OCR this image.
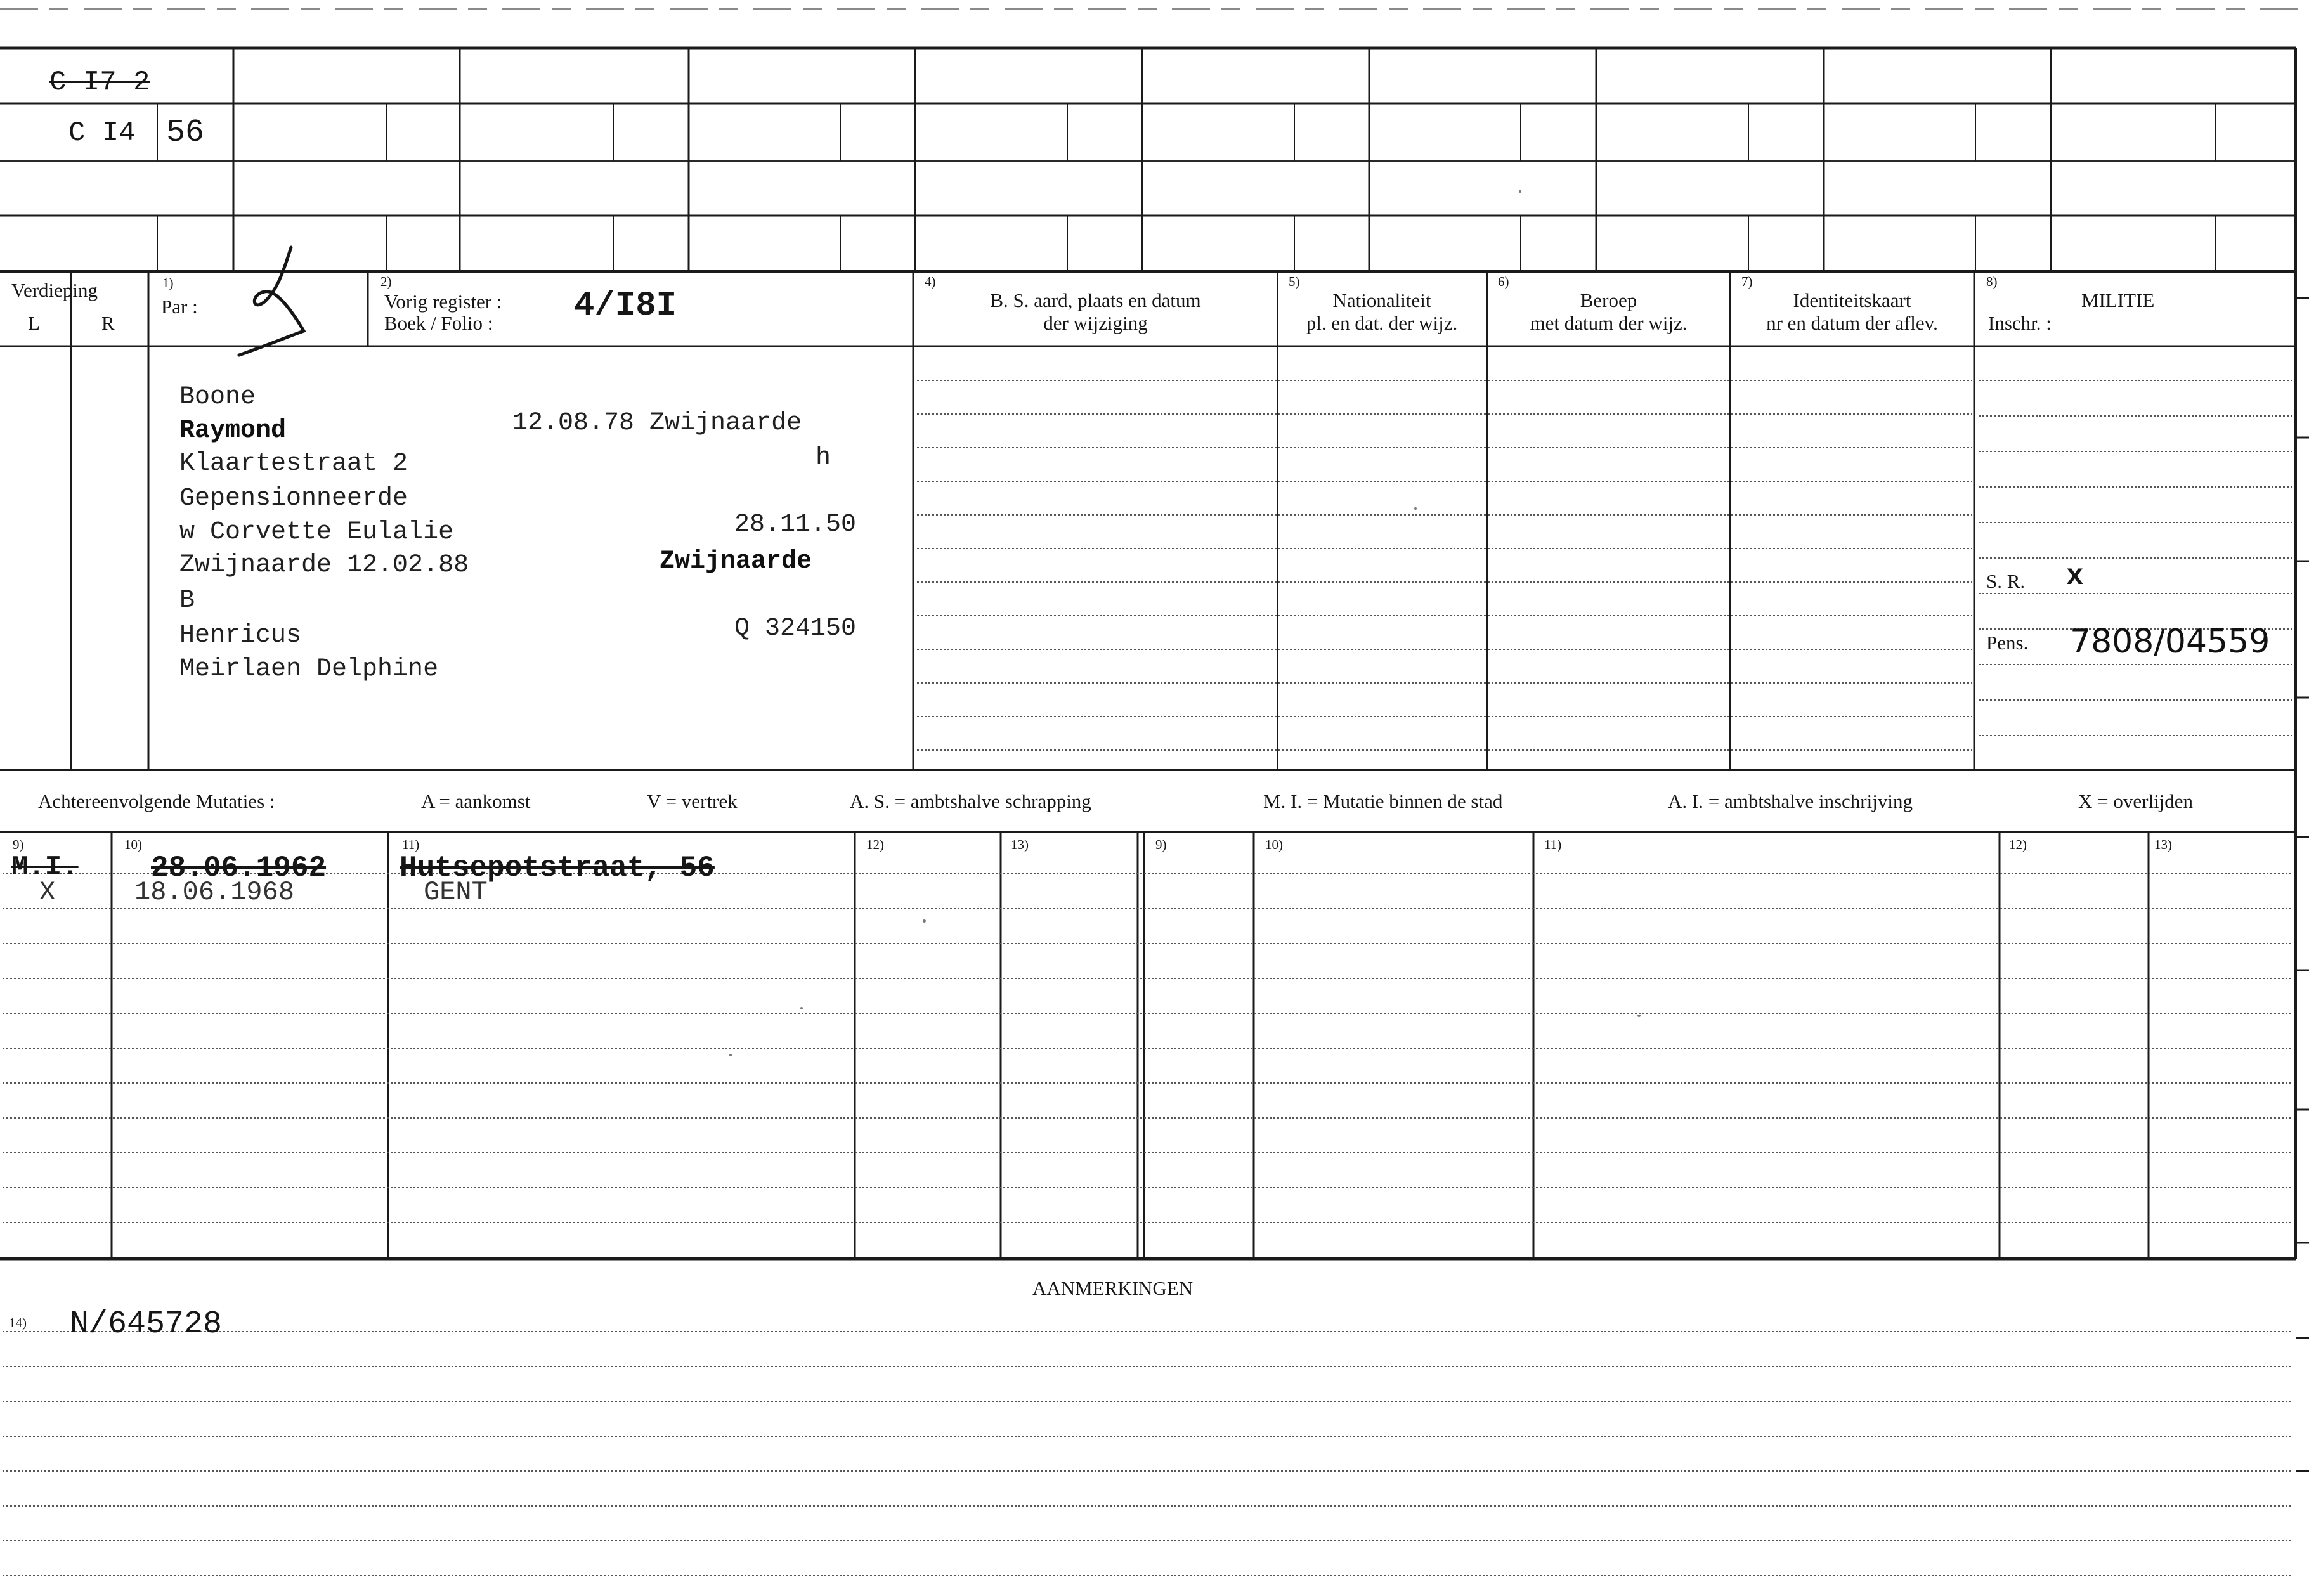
C I7 2
C I4 56
Verdieping
L	R
1)
Par :
2)
Vorig register :
Boek / Folio : 4/I8I
4)
B. S. aard, plaats en datum
der wijziging
5)
Nationaliteit
pl. en dat. der wijz.
6)
Beroep
met datum der wijz.
7)
Identiteitskaart
nr en datum der aflev.
8)
MILITIE
Inschr. :
Boone
Raymond	12.08.78 Zwijnaarde
Klaartestraat 2	h
Gepensionneerde
w Corvette Eulalie	28.11.50
Zwijnaarde 12.02.88	Zwijnaarde
B
Henricus	Q 324150
Meirlaen Delphine
S. R. x
Pens. 7808/04559
Achtereenvolgende Mutaties :	A = aankomst	V = vertrek	A. S. = ambtshalve schrapping	M. I. = Mutatie binnen de stad	A. I. = ambtshalve inschrijving	X = overlijden
9)	10)	11)	12)	13)	9)	10)	11)	12)	13)
M.I. 28.06.1962	Hutsepotstraat, 56
X	18.06.1968	GENT
AANMERKINGEN
14) N/645728
